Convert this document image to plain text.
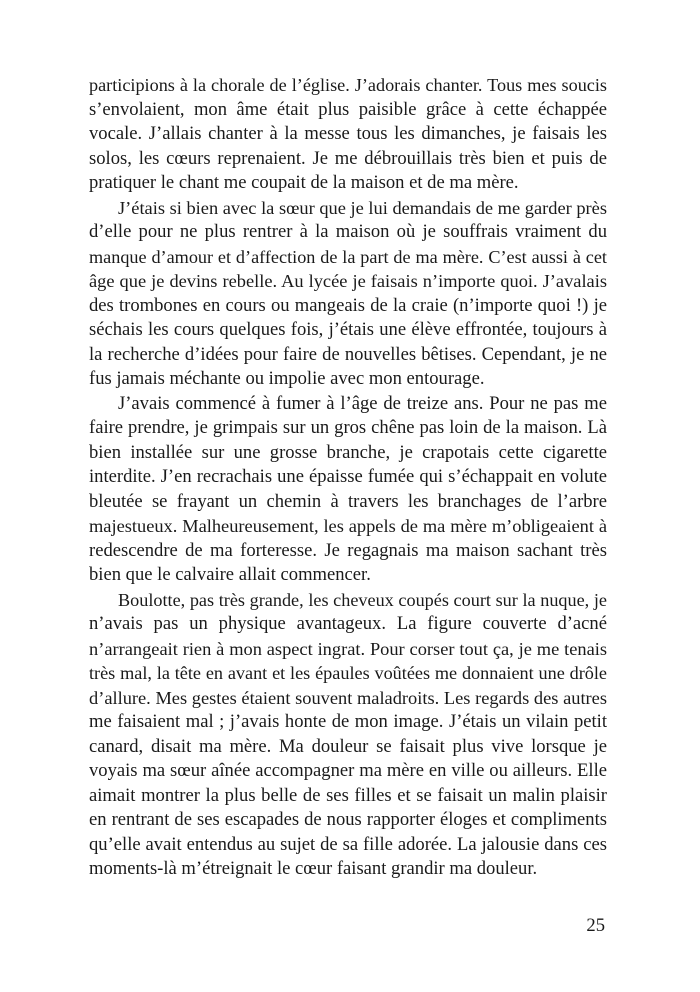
participions à la chorale de l’église. J’adorais chanter. Tous mes soucis
s’envolaient, mon âme était plus paisible grâce à cette échappée
vocale. J’allais chanter à la messe tous les dimanches, je faisais les
solos, les cœurs reprenaient. Je me débrouillais très bien et puis de
pratiquer le chant me coupait de la maison et de ma mère.
J’étais si bien avec la sœur que je lui demandais de me garder près
d’elle pour ne plus rentrer à la maison où je souffrais vraiment du
manque d’amour et d’affection de la part de ma mère. C’est aussi à cet
âge que je devins rebelle. Au lycée je faisais n’importe quoi. J’avalais
des trombones en cours ou mangeais de la craie (n’importe quoi !) je
séchais les cours quelques fois, j’étais une élève effrontée, toujours à
la recherche d’idées pour faire de nouvelles bêtises. Cependant, je ne
fus jamais méchante ou impolie avec mon entourage.
J’avais commencé à fumer à l’âge de treize ans. Pour ne pas me
faire prendre, je grimpais sur un gros chêne pas loin de la maison. Là
bien installée sur une grosse branche, je crapotais cette cigarette
interdite. J’en recrachais une épaisse fumée qui s’échappait en volute
bleutée se frayant un chemin à travers les branchages de l’arbre
majestueux. Malheureusement, les appels de ma mère m’obligeaient à
redescendre de ma forteresse. Je regagnais ma maison sachant très
bien que le calvaire allait commencer.
Boulotte, pas très grande, les cheveux coupés court sur la nuque, je
n’avais pas un physique avantageux. La figure couverte d’acné
n’arrangeait rien à mon aspect ingrat. Pour corser tout ça, je me tenais
très mal, la tête en avant et les épaules voûtées me donnaient une drôle
d’allure. Mes gestes étaient souvent maladroits. Les regards des autres
me faisaient mal ; j’avais honte de mon image. J’étais un vilain petit
canard, disait ma mère. Ma douleur se faisait plus vive lorsque je
voyais ma sœur aînée accompagner ma mère en ville ou ailleurs. Elle
aimait montrer la plus belle de ses filles et se faisait un malin plaisir
en rentrant de ses escapades de nous rapporter éloges et compliments
qu’elle avait entendus au sujet de sa fille adorée. La jalousie dans ces
moments-là m’étreignait le cœur faisant grandir ma douleur.
25
